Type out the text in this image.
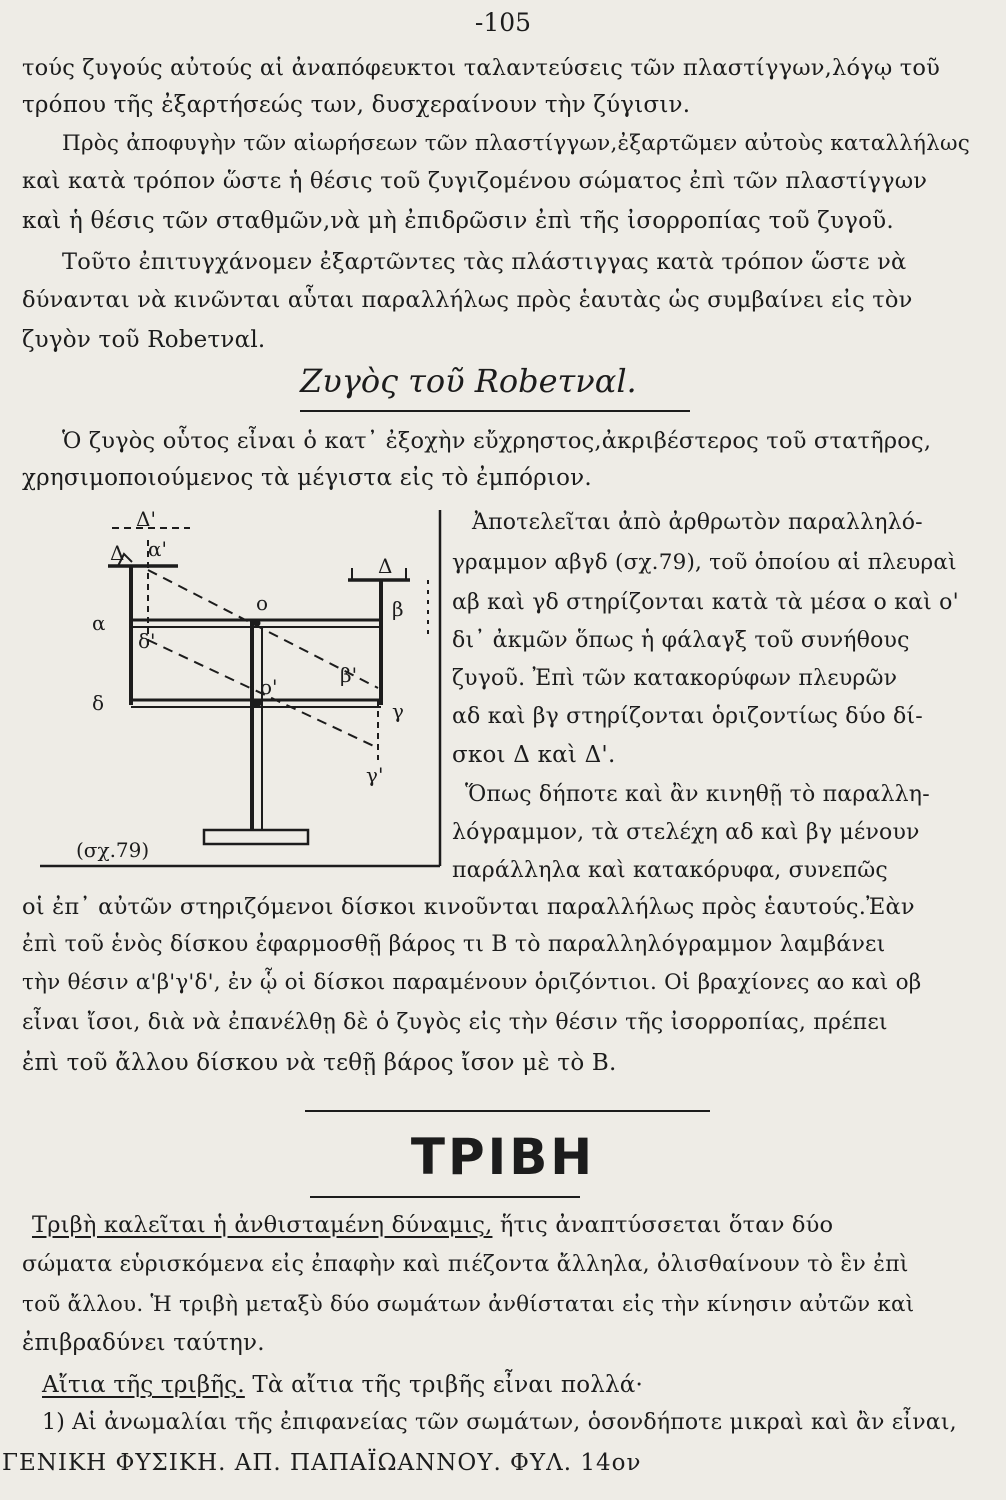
-105
τούς ζυγούς αὐτούς αἱ ἀναπόφευκτοι ταλαντεύσεις τῶν πλαστίγγων,λόγῳ τοῦ
τρόπου τῆς ἐξαρτήσεώς των, δυσχεραίνουν τὴν ζύγισιν.
Πρὸς ἀποφυγὴν τῶν αἰωρήσεων τῶν πλαστίγγων,ἐξαρτῶμεν αὐτοὺς καταλλήλως
καὶ κατὰ τρόπον ὥστε ἡ θέσις τοῦ ζυγιζομένου σώματος ἐπὶ τῶν πλαστίγγων
καὶ ἡ θέσις τῶν σταθμῶν,νὰ μὴ ἐπιδρῶσιν ἐπὶ τῆς ἰσορροπίας τοῦ ζυγοῦ.
Τοῦτο ἐπιτυγχάνομεν ἐξαρτῶντες τὰς πλάστιγγας κατὰ τρόπον ὥστε νὰ
δύνανται νὰ κινῶνται αὗται παραλλήλως πρὸς ἑαυτὰς ὡς συμβαίνει εἰς τὸν
ζυγὸν τοῦ Robeτναl.
Ζυγὸς τοῦ Robeτναl.
Ὁ ζυγὸς οὗτος εἶναι ὁ κατ᾽ ἐξοχὴν εὔχρηστος,ἀκριβέστερος τοῦ στατῆρος,
χρησιμοποιούμενος τὰ μέγιστα εἰς τὸ ἐμπόριον.
Ἀποτελεῖται ἀπὸ ἀρθρωτὸν παραλληλό-
γραμμον αβγδ (σχ.79), τοῦ ὁποίου αἱ πλευραὶ
αβ καὶ γδ στηρίζονται κατὰ τὰ μέσα ο καὶ ο'
δι᾽ ἀκμῶν ὅπως ἡ φάλαγξ τοῦ συνήθους
ζυγοῦ. Ἐπὶ τῶν κατακορύφων πλευρῶν
αδ καὶ βγ στηρίζονται ὁριζοντίως δύο δί-
σκοι Δ καὶ Δ'.
Ὅπως δήποτε καὶ ἂν κινηθῇ τὸ παραλλη-
λόγραμμον, τὰ στελέχη αδ καὶ βγ μένουν
παράλληλα καὶ κατακόρυφα, συνεπῶς
Δ'
Δ α'
Δ
ο	β
α
δ'
β'
ο'
δ	γ
γ'
(σχ.79)
οἱ ἐπ᾽ αὐτῶν στηριζόμενοι δίσκοι κινοῦνται παραλλήλως πρὸς ἑαυτούς.Ἐὰν
ἐπὶ τοῦ ἑνὸς δίσκου ἐφαρμοσθῇ βάρος τι Β τὸ παραλληλόγραμμον λαμβάνει
τὴν θέσιν α'β'γ'δ', ἐν ᾧ οἱ δίσκοι παραμένουν ὁριζόντιοι. Οἱ βραχίονες αο καὶ οβ
εἶναι ἴσοι, διὰ νὰ ἐπανέλθῃ δὲ ὁ ζυγὸς εἰς τὴν θέσιν τῆς ἰσορροπίας, πρέπει
ἐπὶ τοῦ ἄλλου δίσκου νὰ τεθῇ βάρος ἴσον μὲ τὸ Β.
ΤΡΙΒΗ
Τριβὴ καλεῖται ἡ ἀνθισταμένη δύναμις, ἥτις ἀναπτύσσεται ὅταν δύο
σώματα εὑρισκόμενα εἰς ἐπαφὴν καὶ πιέζοντα ἄλληλα, ὀλισθαίνουν τὸ ἓν ἐπὶ
τοῦ ἄλλου. Ἡ τριβὴ μεταξὺ δύο σωμάτων ἀνθίσταται εἰς τὴν κίνησιν αὐτῶν καὶ
ἐπιβραδύνει ταύτην.
Αἴτια τῆς τριβῆς. Τὰ αἴτια τῆς τριβῆς εἶναι πολλά·
1) Αἱ ἀνωμαλίαι τῆς ἐπιφανείας τῶν σωμάτων, ὁσονδήποτε μικραὶ καὶ ἂν εἶναι,
ΓΕΝΙΚΗ ΦΥΣΙΚΗ. ΑΠ. ΠΑΠΑΪΩΑΝΝΟΥ. ΦΥΛ. 14ον
